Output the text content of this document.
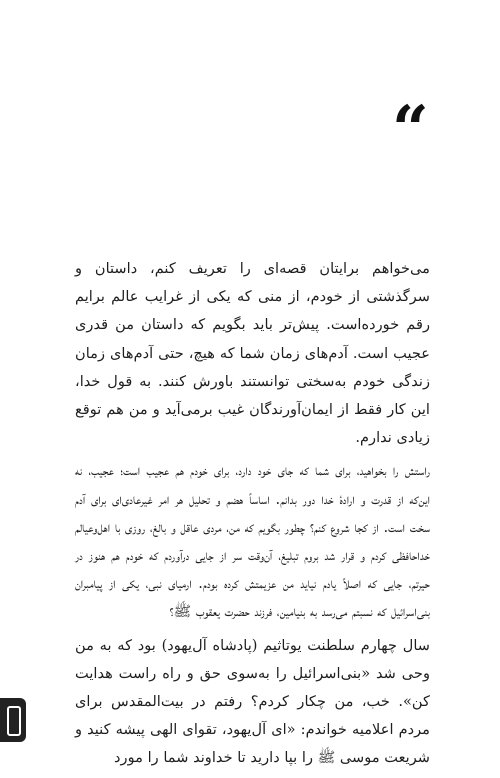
“

می‌خواهم برایتان قصه‌ای را تعریف کنم، داستان و سرگذشتی از خودم، از منی که یکی از غرایب عالم برایم رقم خورده‌است. پیش‌تر باید بگویم که داستان من قدری عجیب است. آدم‌های زمان شما که هیچ، حتی آدم‌های زمان زندگی خودم به‌سختی توانستند باورش کنند. به قول خدا، این کار فقط از ایمان‌آورندگان غیب برمی‌آید و من هم توقع زیادی ندارم.

راستش را بخواهید، برای شما که جای خود دارد، برای خودم هم عجیب است؛ عجیب، نه این‌که از قدرت و ارادهٔ خدا دور بدانم. اساساً هضم و تحلیل هر امر غیرعادی‌ای برای آدم سخت است. از کجا شروع کنم؟ چطور بگویم که من، مردی عاقل و بالغ، روزی با اهل‌وعیالم خداحافظی کردم و قرار شد بروم تبلیغ، آن‌وقت سر از جایی درآوردم که خودم هم هنوز در حیرتم، جایی که اصلاً یادم نیاید من عزیمتش کرده بودم. ارمیای نبی، یکی از پیامبران بنی‌اسرائیل که نسبتم می‌رسد به بنیامین، فرزند حضرت یعقوب ﷺ؟

سال چهارم سلطنت یوتاثیم (پادشاه آل‌یهود) بود که به من وحی شد «بنی‌اسرائیل را به‌سوی حق و راه راست هدایت کن». خب، من چکار کردم؟ رفتم در بیت‌المقدس برای مردم اعلامیه خواندم: «ای آل‌یهود، تقوای الهی پیشه کنید و شریعت موسی ﷺ را بپا دارید تا خداوند شما را مورد
